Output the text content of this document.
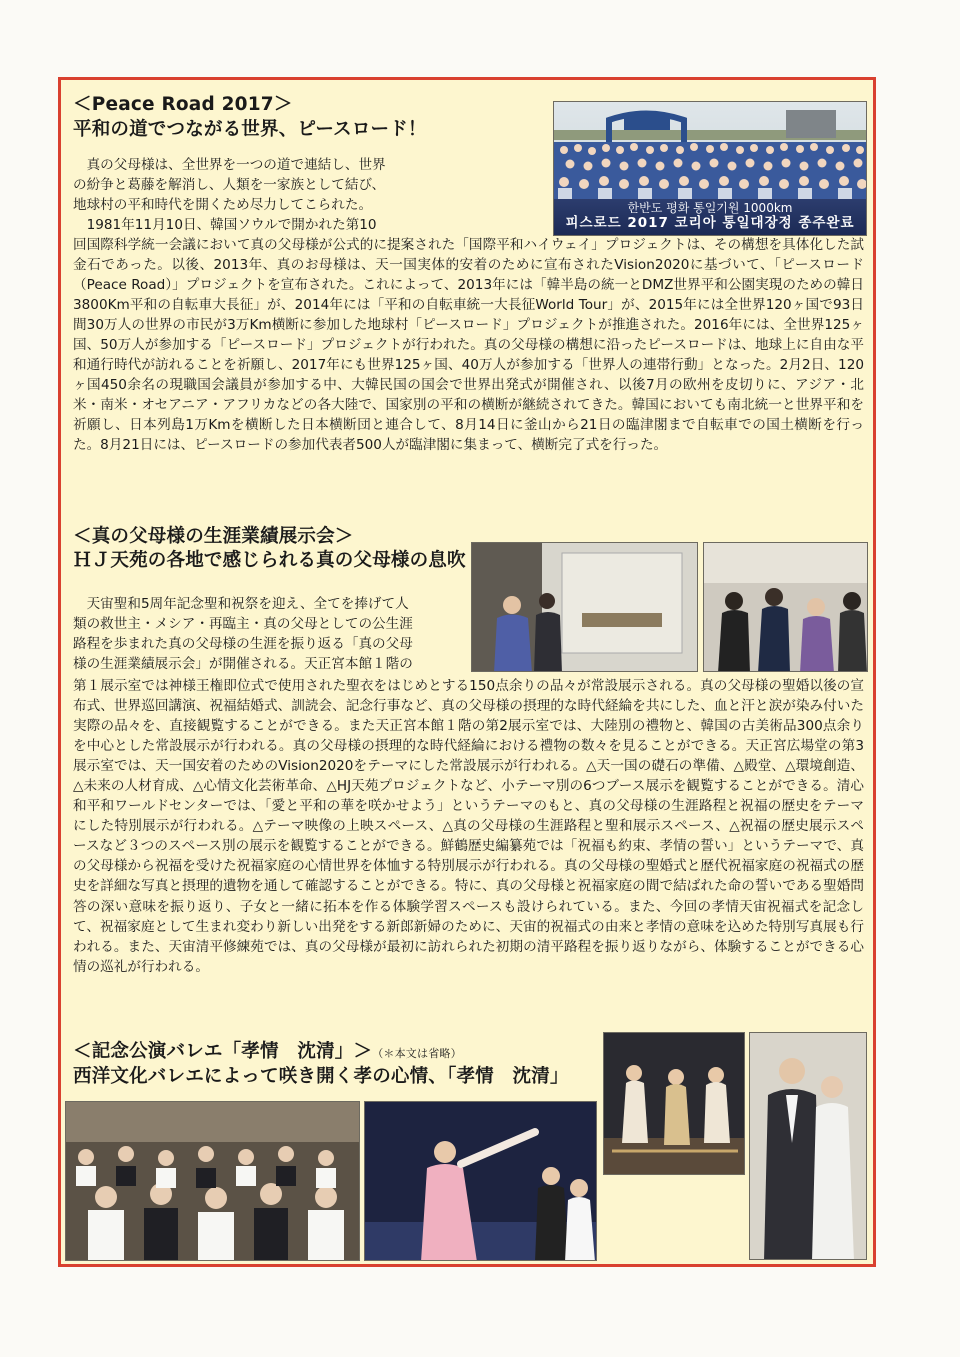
＜Peace Road 2017＞
平和の道でつながる世界、ピースロード！
　真の父母様は、全世界を一つの道で連結し、世界
の紛争と葛藤を解消し、人類を一家族として結び、
地球村の平和時代を開くため尽力してこられた。
　1981年11月10日、韓国ソウルで開かれた第10
한반도 평화 통일기원 1000km
피스로드 2017 코리아 통일대장정 종주완료
回国際科学統一会議において真の父母様が公式的に提案された「国際平和ハイウェイ」プロジェクトは、その構想を具体化した試金石であった。以後、2013年、真のお母様は、天一国実体的安着のために宣布されたVision2020に基づいて、「ピースロード（Peace Road）」プロジェクトを宣布された。これによって、2013年には「韓半島の統一とDMZ世界平和公園実現のための韓日3800Km平和の自転車大長征」が、2014年には「平和の自転車統一大長征World Tour」が、2015年には全世界120ヶ国で93日間30万人の世界の市民が3万Km横断に参加した地球村「ピースロード」プロジェクトが推進された。2016年には、全世界125ヶ国、50万人が参加する「ピースロード」プロジェクトが行われた。真の父母様の構想に沿ったピースロードは、地球上に自由な平和通行時代が訪れることを祈願し、2017年にも世界125ヶ国、40万人が参加する「世界人の連帯行動」となった。2月2日、120ヶ国450余名の現職国会議員が参加する中、大韓民国の国会で世界出発式が開催され、以後7月の欧州を皮切りに、アジア・北米・南米・オセアニア・アフリカなどの各大陸で、国家別の平和の横断が継続されてきた。韓国においても南北統一と世界平和を祈願し、日本列島1万Kmを横断した日本横断団と連合して、8月14日に釜山から21日の臨津閣まで自転車での国土横断を行った。8月21日には、ピースロードの参加代表者500人が臨津閣に集まって、横断完了式を行った。
＜真の父母様の生涯業績展示会＞
ＨＪ天苑の各地で感じられる真の父母様の息吹
　天宙聖和5周年記念聖和祝祭を迎え、全てを捧げて人
類の救世主・メシア・再臨主・真の父母としての公生涯
路程を歩まれた真の父母様の生涯を振り返る「真の父母
様の生涯業績展示会」が開催される。天正宮本館１階の
第１展示室では神様王権即位式で使用された聖衣をはじめとする150点余りの品々が常設展示される。真の父母様の聖婚以後の宣布式、世界巡回講演、祝福結婚式、訓読会、記念行事など、真の父母様の摂理的な時代経綸を共にした、血と汗と涙が染み付いた実際の品々を、直接観覧することができる。また天正宮本館１階の第2展示室では、大陸別の禮物と、韓国の古美術品300点余りを中心とした常設展示が行われる。真の父母様の摂理的な時代経綸における禮物の数々を見ることができる。天正宮広場堂の第3展示室では、天一国安着のためのVision2020をテーマにした常設展示が行われる。△天一国の礎石の準備、△殿堂、△環境創造、△未来の人材育成、△心情文化芸術革命、△HJ天苑プロジェクトなど、小テーマ別の6つブース展示を観覧することができる。清心和平和ワールドセンターでは、「愛と平和の華を咲かせよう」というテーマのもと、真の父母様の生涯路程と祝福の歴史をテーマにした特別展示が行われる。△テーマ映像の上映スペース、△真の父母様の生涯路程と聖和展示スペース、△祝福の歴史展示スペースなど３つのスペース別の展示を観覧することができる。鮮鶴歴史編纂苑では「祝福も約束、孝情の誓い」というテーマで、真の父母様から祝福を受けた祝福家庭の心情世界を体恤する特別展示が行われる。真の父母様の聖婚式と歴代祝福家庭の祝福式の歴史を詳細な写真と摂理的遺物を通して確認することができる。特に、真の父母様と祝福家庭の間で結ばれた命の誓いである聖婚問答の深い意味を振り返り、子女と一緒に拓本を作る体験学習スペースも設けられている。また、今回の孝情天宙祝福式を記念して、祝福家庭として生まれ変わり新しい出発をする新郎新婦のために、天宙的祝福式の由来と孝情の意味を込めた特別写真展も行われる。また、天宙清平修練苑では、真の父母様が最初に訪れられた初期の清平路程を振り返りながら、体験することができる心情の巡礼が行われる。
＜記念公演バレエ「孝情　沈清」＞（＊本文は省略）
西洋文化バレエによって咲き開く孝の心情、「孝情　沈清」
